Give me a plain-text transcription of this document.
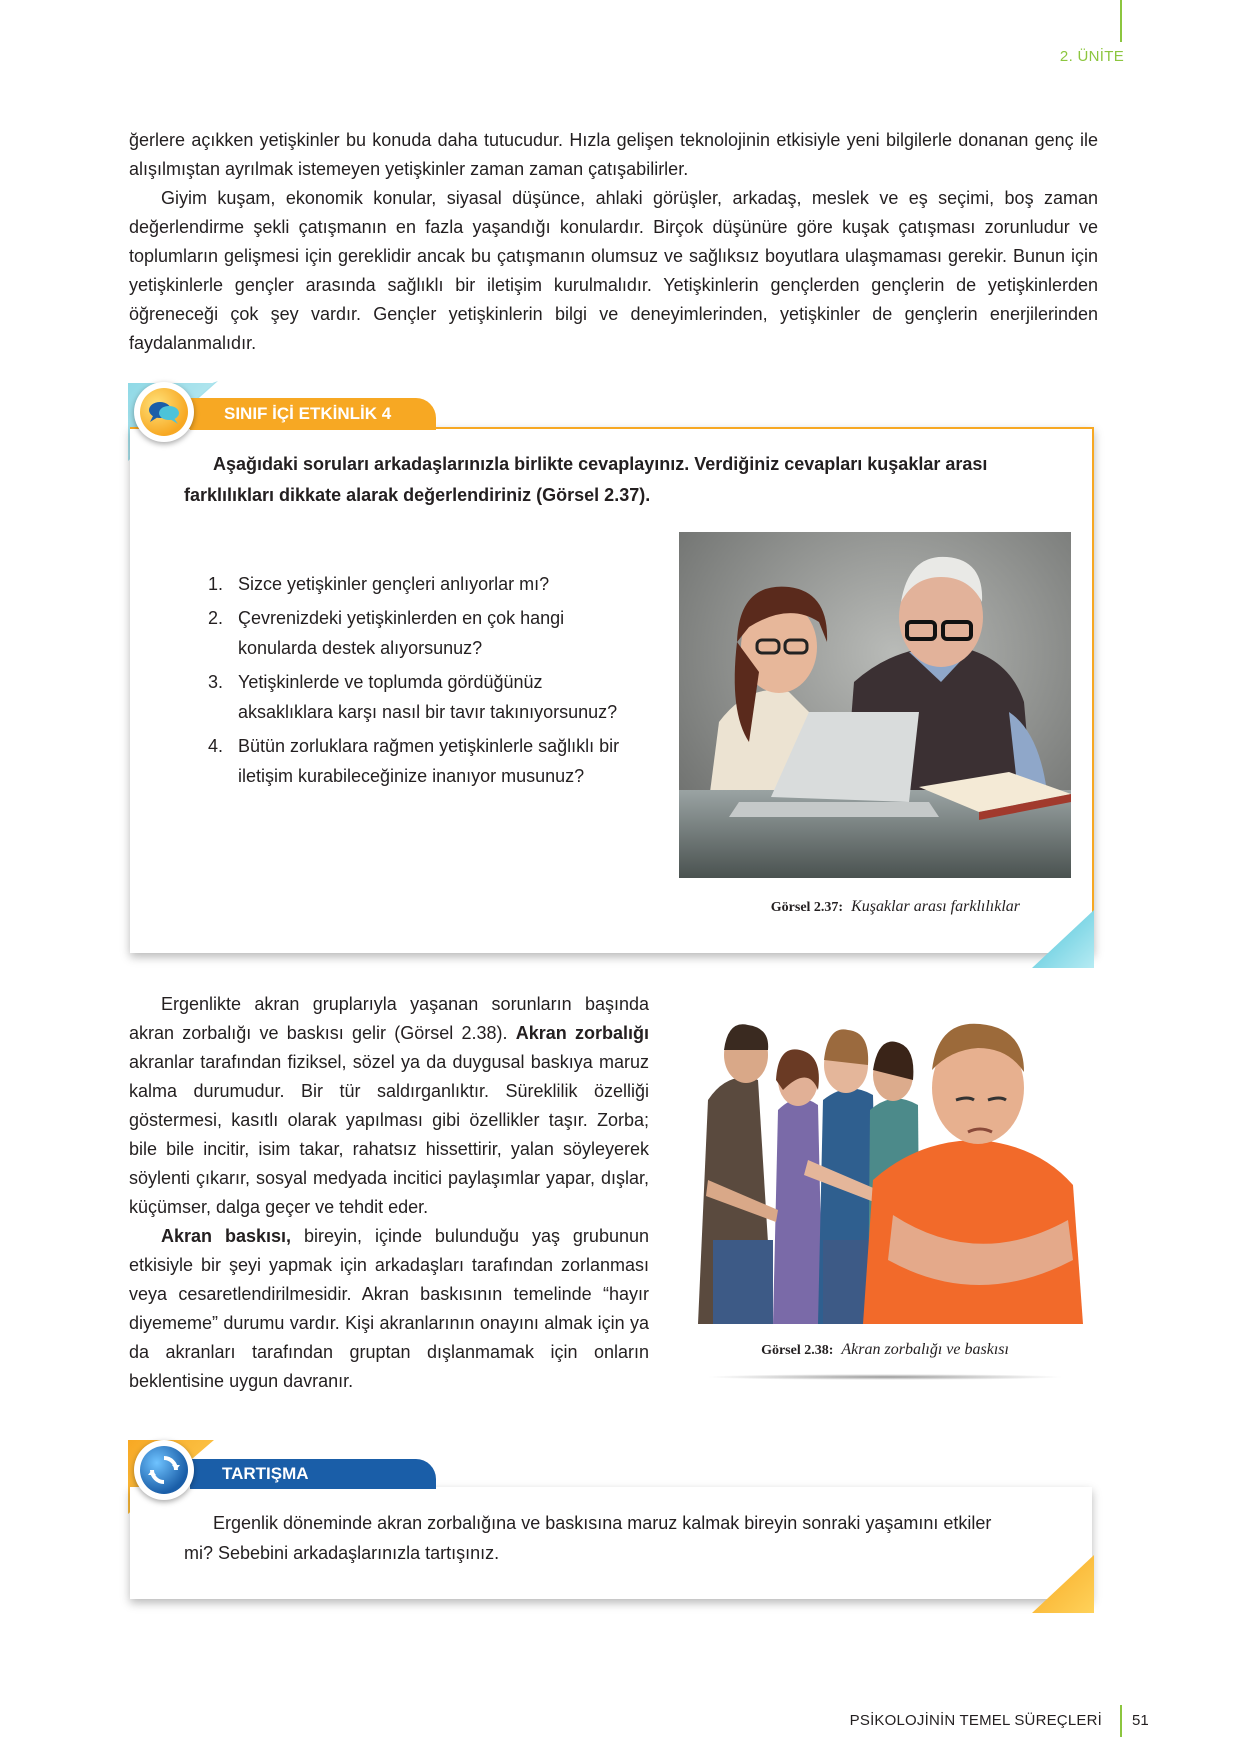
2. ÜNİTE

ğerlere açıkken yetişkinler bu konuda daha tutucudur. Hızla gelişen teknolojinin etkisiyle yeni bilgilerle donanan genç ile alışılmıştan ayrılmak istemeyen yetişkinler zaman zaman çatışabilirler.

Giyim kuşam, ekonomik konular, siyasal düşünce, ahlaki görüşler, arkadaş, meslek ve eş seçimi, boş zaman değerlendirme şekli çatışmanın en fazla yaşandığı konulardır. Birçok düşünüre göre kuşak çatışması zorunludur ve toplumların gelişmesi için gereklidir ancak bu çatışmanın olumsuz ve sağlıksız boyutlara ulaşmaması gerekir. Bunun için yetişkinlerle gençler arasında sağlıklı bir iletişim kurulmalıdır. Yetişkinlerin gençlerden gençlerin de yetişkinlerden öğreneceği çok şey vardır. Gençler yetişkinlerin bilgi ve deneyimlerinden, yetişkinler de gençlerin enerjilerinden faydalanmalıdır.

SINIF İÇİ ETKİNLİK 4
Aşağıdaki soruları arkadaşlarınızla birlikte cevaplayınız. Verdiğiniz cevapları kuşaklar arası
farklılıkları dikkate alarak değerlendiriniz (Görsel 2.37).
1. Sizce yetişkinler gençleri anlıyorlar mı?
2. Çevrenizdeki yetişkinlerden en çok hangi
konularda destek alıyorsunuz?
3. Yetişkinlerde ve toplumda gördüğünüz
aksaklıklara karşı nasıl bir tavır takınıyorsunuz?
4. Bütün zorluklara rağmen yetişkinlerle sağlıklı bir
iletişim kurabileceğinize inanıyor musunuz?
Görsel 2.37: Kuşaklar arası farklılıklar

Ergenlikte akran gruplarıyla yaşanan sorunların başında akran zorbalığı ve baskısı gelir (Görsel 2.38). Akran zorbalığı akranlar tarafından fiziksel, sözel ya da duygusal baskıya maruz kalma durumudur. Bir tür saldırganlıktır. Süreklilik özelliği göstermesi, kasıtlı olarak yapılması gibi özellikler taşır. Zorba; bile bile incitir, isim takar, rahatsız hissettirir, yalan söyleyerek söylenti çıkarır, sosyal medyada incitici paylaşımlar yapar, dışlar, küçümser, dalga geçer ve tehdit eder.

Akran baskısı, bireyin, içinde bulunduğu yaş grubunun etkisiyle bir şeyi yapmak için arkadaşları tarafından zorlanması veya cesaretlendirilmesidir. Akran baskısının temelinde “hayır diyememe” durumu vardır. Kişi akranlarının onayını almak için ya da akranları tarafından gruptan dışlanmamak için onların beklentisine uygun davranır.

Görsel 2.38: Akran zorbalığı ve baskısı
TARTIŞMA
Ergenlik döneminde akran zorbalığına ve baskısına maruz kalmak bireyin sonraki yaşamını etkiler
mi? Sebebini arkadaşlarınızla tartışınız.
PSİKOLOJİNİN TEMEL SÜREÇLERİ 51
